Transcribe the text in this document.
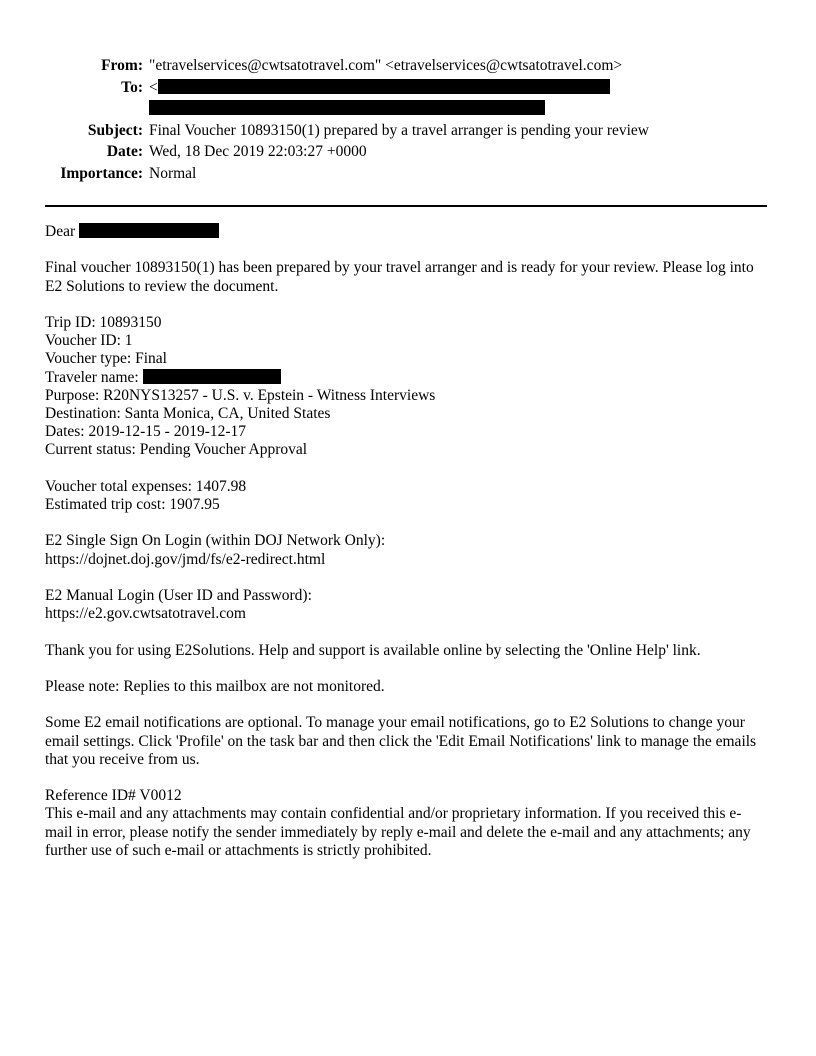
From: "etravelservices@cwtsatotravel.com" <etravelservices@cwtsatotravel.com>
To: <

Subject: Final Voucher 10893150(1) prepared by a travel arranger is pending your review
Date: Wed, 18 Dec 2019 22:03:27 +0000
Importance: Normal
Dear
Final voucher 10893150(1) has been prepared by your travel arranger and is ready for your review. Please log into E2 Solutions to review the document.
Trip ID: 10893150
Voucher ID: 1
Voucher type: Final
Traveler name:
Purpose: R20NYS13257 - U.S. v. Epstein - Witness Interviews
Destination: Santa Monica, CA, United States
Dates: 2019-12-15 - 2019-12-17
Current status: Pending Voucher Approval
Voucher total expenses: 1407.98
Estimated trip cost: 1907.95
E2 Single Sign On Login (within DOJ Network Only):
https://dojnet.doj.gov/jmd/fs/e2-redirect.html
E2 Manual Login (User ID and Password):
https://e2.gov.cwtsatotravel.com
Thank you for using E2Solutions. Help and support is available online by selecting the 'Online Help' link.
Please note: Replies to this mailbox are not monitored.
Some E2 email notifications are optional. To manage your email notifications, go to E2 Solutions to change your email settings. Click 'Profile' on the task bar and then click the 'Edit Email Notifications' link to manage the emails that you receive from us.
Reference ID# V0012
This e-mail and any attachments may contain confidential and/or proprietary information. If you received this e-mail in error, please notify the sender immediately by reply e-mail and delete the e-mail and any attachments; any further use of such e-mail or attachments is strictly prohibited.
